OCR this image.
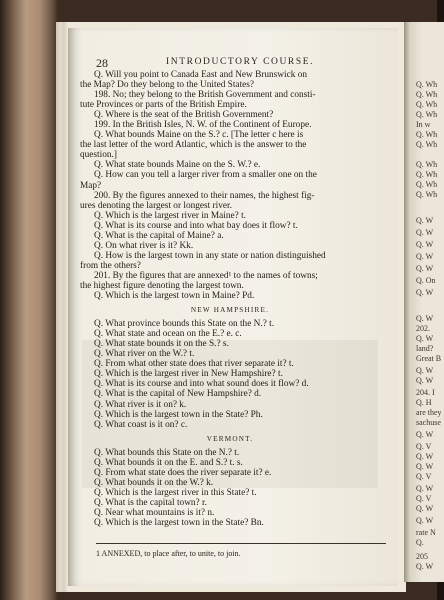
Q. Wh
Q. Wh
Q. Wh
Q. Wh
In w
Q. Wh
Q. Wh
Q. Wh
Q. Wh
Q. Wh
Q. Wh
Q. W
Q. W
Q. W
Q. W
Q. W
Q. On
Q. W
Q. W
202.
Q. W
land?
Great B
Q. W
Q. W
204. I
Q. H
are they
sachuse
Q. W
Q. V
Q. W
Q. W
Q. V
Q. W
Q. V
Q. W
Q. W
rate N
Q.
205
Q. W
1 Al
28	INTRODUCTORY COURSE.
Q. Will you point to Canada East and New Brunswick on
the Map? Do they belong to the United States?
198. No; they belong to the British Government and consti-
tute Provinces or parts of the British Empire.
Q. Where is the seat of the British Government?
199. In the British Isles, N. W. of the Continent of Europe.
Q. What bounds Maine on the S.? c. [The letter c here is
the last letter of the word Atlantic, which is the answer to the
question.]
Q. What state bounds Maine on the S. W.? e.
Q. How can you tell a larger river from a smaller one on the
Map?
200. By the figures annexed to their names, the highest fig-
ures denoting the largest or longest river.
Q. Which is the largest river in Maine? t.
Q. What is its course and into what bay does it flow? t.
Q. What is the capital of Maine? a.
Q. On what river is it? Kk.
Q. How is the largest town in any state or nation distinguished
from the others?
201. By the figures that are annexed¹ to the names of towns;
the highest figure denoting the largest town.
Q. Which is the largest town in Maine? Pd.
NEW HAMPSHIRE.
Q. What province bounds this State on the N.? t.
Q. What state and ocean on the E.? e. c.
Q. What state bounds it on the S.? s.
Q. What river on the W.? t.
Q. From what other state does that river separate it? t.
Q. Which is the largest river in New Hampshire? t.
Q. What is its course and into what sound does it flow? d.
Q. What is the capital of New Hampshire? d.
Q. What river is it on? k.
Q. Which is the largest town in the State? Ph.
Q. What coast is it on? c.
VERMONT.
Q. What bounds this State on the N.? t.
Q. What bounds it on the E. and S.? t. s.
Q. From what state does the river separate it? e.
Q. What bounds it on the W.? k.
Q. Which is the largest river in this State? t.
Q. What is the capital town? r.
Q. Near what mountains is it? n.
Q. Which is the largest town in the State? Bn.
1 ANNEXED, to place after, to unite, to join.
